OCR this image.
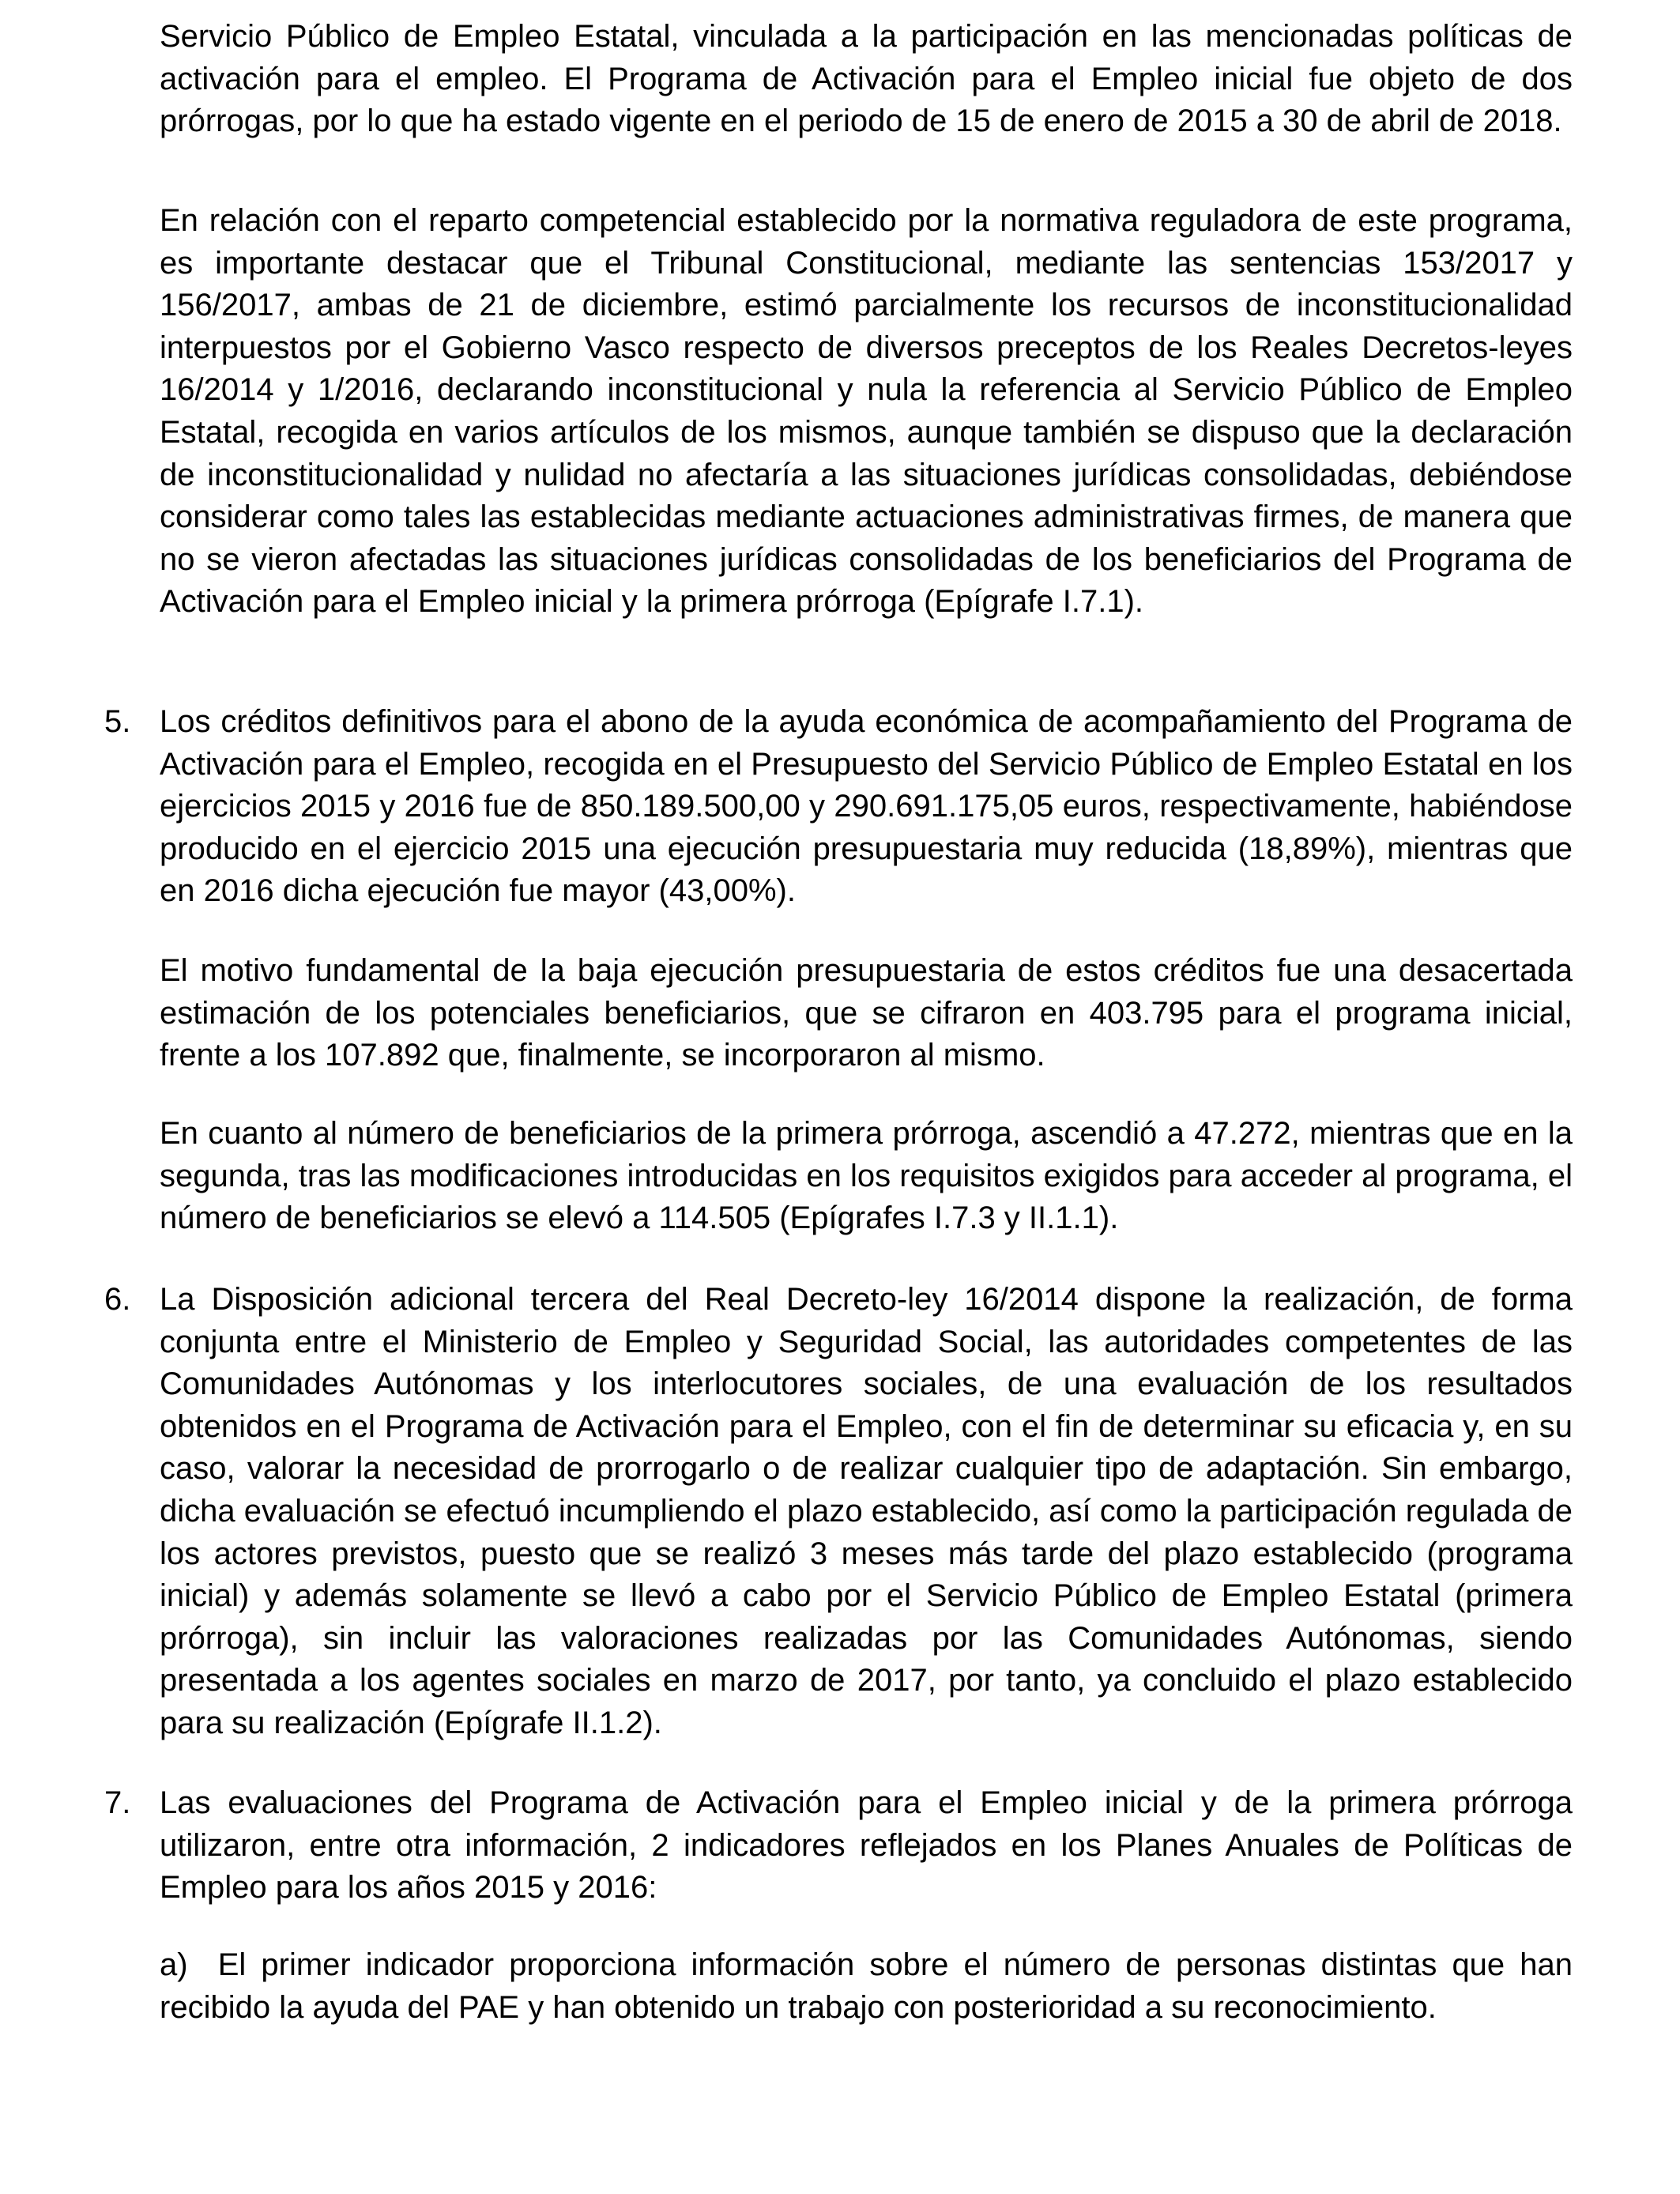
Servicio Público de Empleo Estatal, vinculada a la participación en las mencionadas políticas de activación para el empleo. El Programa de Activación para el Empleo inicial fue objeto de dos prórrogas, por lo que ha estado vigente en el periodo de 15 de enero de 2015 a 30 de abril de 2018.

En relación con el reparto competencial establecido por la normativa reguladora de este programa, es importante destacar que el Tribunal Constitucional, mediante las sentencias 153/2017 y 156/2017, ambas de 21 de diciembre, estimó parcialmente los recursos de inconstitucionalidad interpuestos por el Gobierno Vasco respecto de diversos preceptos de los Reales Decretos-leyes 16/2014 y 1/2016, declarando inconstitucional y nula la referencia al Servicio Público de Empleo Estatal, recogida en varios artículos de los mismos, aunque también se dispuso que la declaración de inconstitucionalidad y nulidad no afectaría a las situaciones jurídicas consolidadas, debiéndose considerar como tales las establecidas mediante actuaciones administrativas firmes, de manera que no se vieron afectadas las situaciones jurídicas consolidadas de los beneficiarios del Programa de Activación para el Empleo inicial y la primera prórroga (Epígrafe I.7.1).

5. Los créditos definitivos para el abono de la ayuda económica de acompañamiento del Programa de Activación para el Empleo, recogida en el Presupuesto del Servicio Público de Empleo Estatal en los ejercicios 2015 y 2016 fue de 850.189.500,00 y 290.691.175,05 euros, respectivamente, habiéndose producido en el ejercicio 2015 una ejecución presupuestaria muy reducida (18,89%), mientras que en 2016 dicha ejecución fue mayor (43,00%).

El motivo fundamental de la baja ejecución presupuestaria de estos créditos fue una desacertada estimación de los potenciales beneficiarios, que se cifraron en 403.795 para el programa inicial, frente a los 107.892 que, finalmente, se incorporaron al mismo.

En cuanto al número de beneficiarios de la primera prórroga, ascendió a 47.272, mientras que en la segunda, tras las modificaciones introducidas en los requisitos exigidos para acceder al programa, el número de beneficiarios se elevó a 114.505 (Epígrafes I.7.3 y II.1.1).

6. La Disposición adicional tercera del Real Decreto-ley 16/2014 dispone la realización, de forma conjunta entre el Ministerio de Empleo y Seguridad Social, las autoridades competentes de las Comunidades Autónomas y los interlocutores sociales, de una evaluación de los resultados obtenidos en el Programa de Activación para el Empleo, con el fin de determinar su eficacia y, en su caso, valorar la necesidad de prorrogarlo o de realizar cualquier tipo de adaptación. Sin embargo, dicha evaluación se efectuó incumpliendo el plazo establecido, así como la participación regulada de los actores previstos, puesto que se realizó 3 meses más tarde del plazo establecido (programa inicial) y además solamente se llevó a cabo por el Servicio Público de Empleo Estatal (primera prórroga), sin incluir las valoraciones realizadas por las Comunidades Autónomas, siendo presentada a los agentes sociales en marzo de 2017, por tanto, ya concluido el plazo establecido para su realización (Epígrafe II.1.2).

7. Las evaluaciones del Programa de Activación para el Empleo inicial y de la primera prórroga utilizaron, entre otra información, 2 indicadores reflejados en los Planes Anuales de Políticas de Empleo para los años 2015 y 2016:

a)  El primer indicador proporciona información sobre el número de personas distintas que han recibido la ayuda del PAE y han obtenido un trabajo con posterioridad a su reconocimiento.
